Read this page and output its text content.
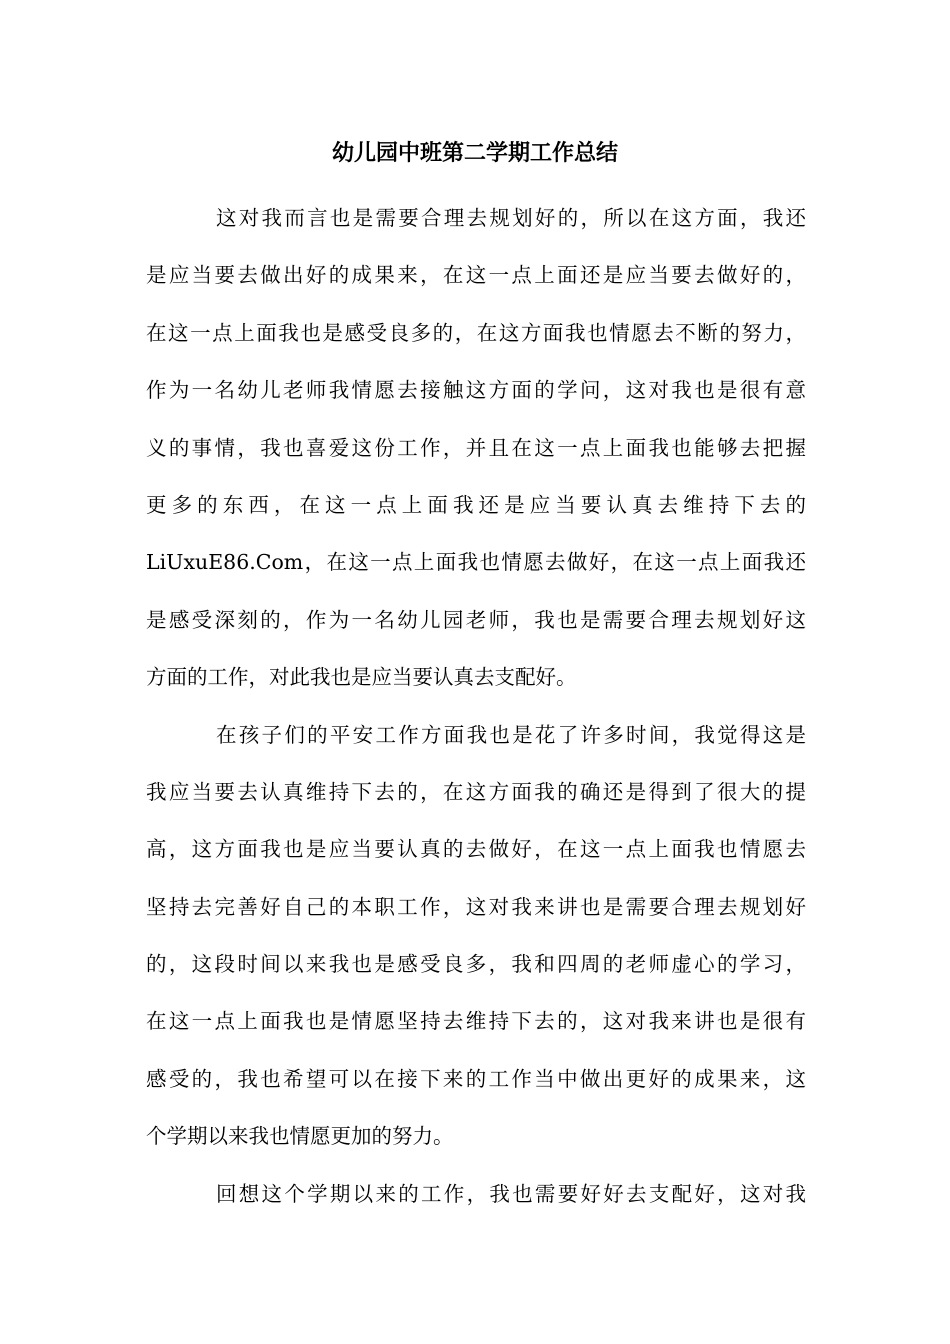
幼儿园中班第二学期工作总结
这对我而言也是需要合理去规划好的，所以在这方面，我还
是应当要去做出好的成果来，在这一点上面还是应当要去做好的，
在这一点上面我也是感受良多的，在这方面我也情愿去不断的努力，
作为一名幼儿老师我情愿去接触这方面的学问，这对我也是很有意
义的事情，我也喜爱这份工作，并且在这一点上面我也能够去把握
更多的东西，在这一点上面我还是应当要认真去维持下去的
LiUxuE86.Com，在这一点上面我也情愿去做好，在这一点上面我还
是感受深刻的，作为一名幼儿园老师，我也是需要合理去规划好这
方面的工作，对此我也是应当要认真去支配好。
在孩子们的平安工作方面我也是花了许多时间，我觉得这是
我应当要去认真维持下去的，在这方面我的确还是得到了很大的提
高，这方面我也是应当要认真的去做好，在这一点上面我也情愿去
坚持去完善好自己的本职工作，这对我来讲也是需要合理去规划好
的，这段时间以来我也是感受良多，我和四周的老师虚心的学习，
在这一点上面我也是情愿坚持去维持下去的，这对我来讲也是很有
感受的，我也希望可以在接下来的工作当中做出更好的成果来，这
个学期以来我也情愿更加的努力。
回想这个学期以来的工作，我也需要好好去支配好，这对我
